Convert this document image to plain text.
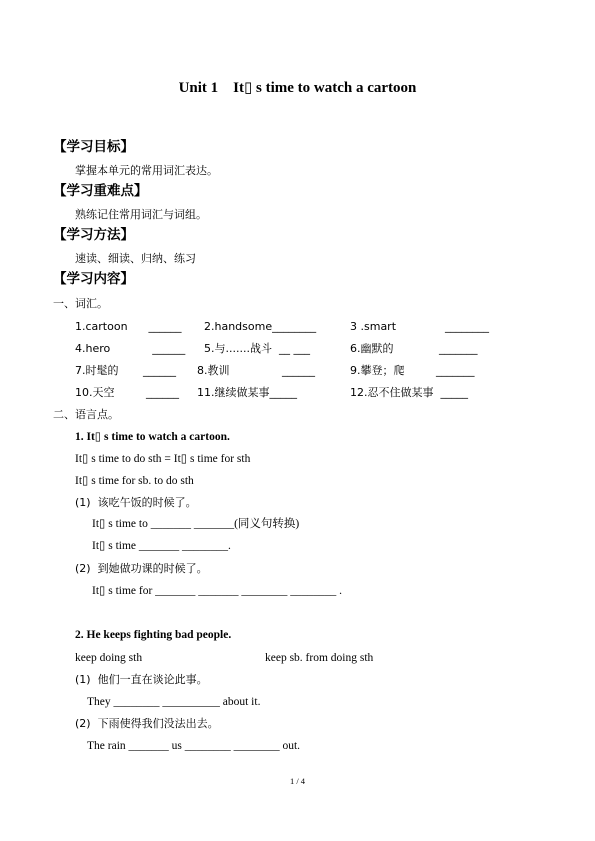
Unit 1    It▯ s time to watch a cartoon
【学习目标】
掌握本单元的常用词汇表达。
【学习重难点】
熟练记住常用词汇与词组。
【学习方法】
速读、细读、归纳、练习
【学习内容】
一、词汇。
1.cartoon      ______ 2.handsome________	3 .smart              ________
4.hero            ______ 5.与.......战斗  __ ___	6.幽默的             _______
7.时髦的       ______ 8.教训               ______	9.攀登；爬         _______
10.天空         ______ 11.继续做某事_____	12.忍不住做某事  _____
二、语言点。
1. It▯ s time to watch a cartoon.
It▯ s time to do sth = It▯ s time for sth
It▯ s time for sb. to do sth
(1)  该吃午饭的时候了。
It▯ s time to _______ _______(同义句转换)
It▯ s time _______ ________.
(2)  到她做功课的时候了。
It▯ s time for _______ _______ ________ ________ .
2. He keeps fighting bad people.
keep doing sth	keep sb. from doing sth
(1)  他们一直在谈论此事。
They ________ __________ about it.
(2)  下雨使得我们没法出去。
The rain _______ us ________ ________ out.
1 / 4
